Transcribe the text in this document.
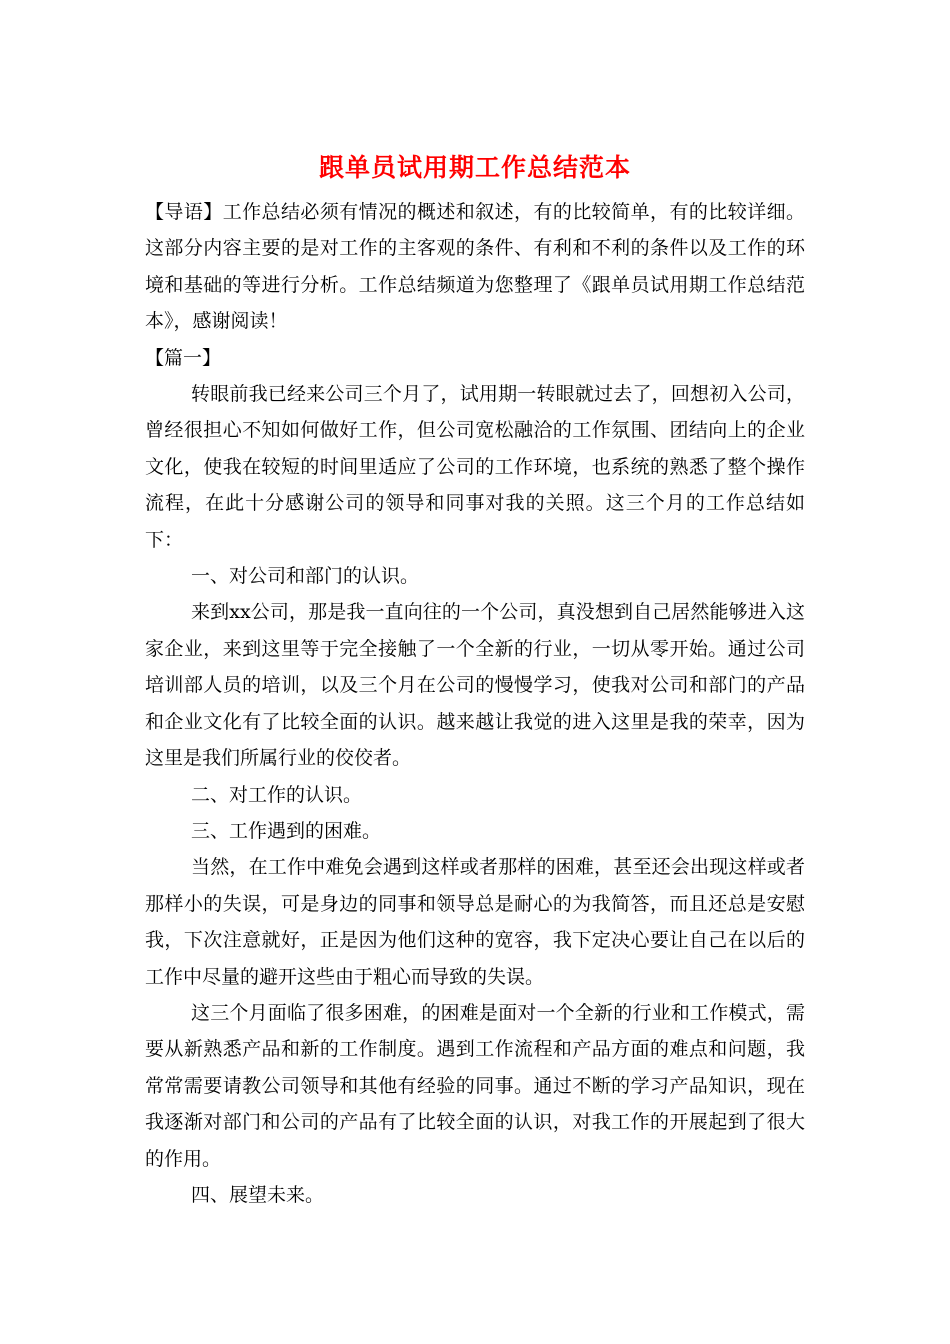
跟单员试用期工作总结范本

【导语】工作总结必须有情况的概述和叙述，有的比较简单，有的比较详细。这部分内容主要的是对工作的主客观的条件、有利和不利的条件以及工作的环境和基础的等进行分析。工作总结频道为您整理了《跟单员试用期工作总结范本》，感谢阅读！

【篇一】

转眼前我已经来公司三个月了，试用期一转眼就过去了，回想初入公司，曾经很担心不知如何做好工作，但公司宽松融洽的工作氛围、团结向上的企业文化，使我在较短的时间里适应了公司的工作环境，也系统的熟悉了整个操作流程，在此十分感谢公司的领导和同事对我的关照。这三个月的工作总结如下：

一、对公司和部门的认识。

来到xx公司，那是我一直向往的一个公司，真没想到自己居然能够进入这家企业，来到这里等于完全接触了一个全新的行业，一切从零开始。通过公司培训部人员的培训，以及三个月在公司的慢慢学习，使我对公司和部门的产品和企业文化有了比较全面的认识。越来越让我觉的进入这里是我的荣幸，因为这里是我们所属行业的佼佼者。

二、对工作的认识。

三、工作遇到的困难。

当然，在工作中难免会遇到这样或者那样的困难，甚至还会出现这样或者那样小的失误，可是身边的同事和领导总是耐心的为我简答，而且还总是安慰我，下次注意就好，正是因为他们这种的宽容，我下定决心要让自己在以后的工作中尽量的避开这些由于粗心而导致的失误。

这三个月面临了很多困难，的困难是面对一个全新的行业和工作模式，需要从新熟悉产品和新的工作制度。遇到工作流程和产品方面的难点和问题，我常常需要请教公司领导和其他有经验的同事。通过不断的学习产品知识，现在我逐渐对部门和公司的产品有了比较全面的认识，对我工作的开展起到了很大的作用。

四、展望未来。
